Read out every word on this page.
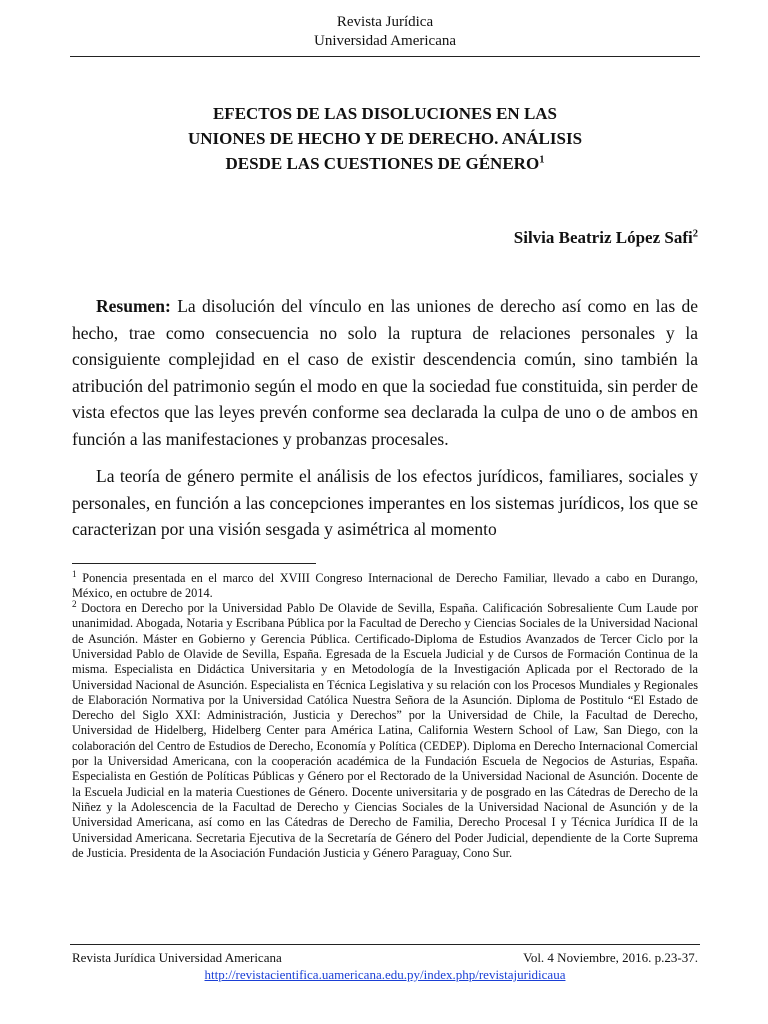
Revista Jurídica
Universidad Americana
EFECTOS DE LAS DISOLUCIONES EN LAS
UNIONES DE HECHO Y DE DERECHO. ANÁLISIS
DESDE LAS CUESTIONES DE GÉNERO$^1$
Silvia Beatriz López Safi$^2$

Resumen: La disolución del vínculo en las uniones de derecho así como en las de hecho, trae como consecuencia no solo la ruptura de relaciones personales y la consiguiente complejidad en el caso de existir descendencia común, sino también la atribución del patrimonio según el modo en que la sociedad fue constituida, sin perder de vista efectos que las leyes prevén conforme sea declarada la culpa de uno o de ambos en función a las manifestaciones y probanzas procesales.

La teoría de género permite el análisis de los efectos jurídicos, familiares, sociales y personales, en función a las concepciones imperantes en los sistemas jurídicos, los que se caracterizan por una visión sesgada y asimétrica al momento

$^1$ Ponencia presentada en el marco del XVIII Congreso Internacional de Derecho Familiar, llevado a cabo en Durango, México, en octubre de 2014.

$^2$ Doctora en Derecho por la Universidad Pablo De Olavide de Sevilla, España. Calificación Sobresaliente Cum Laude por unanimidad. Abogada, Notaria y Escribana Pública por la Facultad de Derecho y Ciencias Sociales de la Universidad Nacional de Asunción. Máster en Gobierno y Gerencia Pública. Certificado-Diploma de Estudios Avanzados de Tercer Ciclo por la Universidad Pablo de Olavide de Sevilla, España. Egresada de la Escuela Judicial y de Cursos de Formación Continua de la misma. Especialista en Didáctica Universitaria y en Metodología de la Investigación Aplicada por el Rectorado de la Universidad Nacional de Asunción. Especialista en Técnica Legislativa y su relación con los Procesos Mundiales y Regionales de Elaboración Normativa por la Universidad Católica Nuestra Señora de la Asunción. Diploma de Postitulo “El Estado de Derecho del Siglo XXI: Administración, Justicia y Derechos” por la Universidad de Chile, la Facultad de Derecho, Universidad de Hidelberg, Hidelberg Center para América Latina, California Western School of Law, San Diego, con la colaboración del Centro de Estudios de Derecho, Economía y Política (CEDEP). Diploma en Derecho Internacional Comercial por la Universidad Americana, con la cooperación académica de la Fundación Escuela de Negocios de Asturias, España. Especialista en Gestión de Políticas Públicas y Género por el Rectorado de la Universidad Nacional de Asunción. Docente de la Escuela Judicial en la materia Cuestiones de Género. Docente universitaria y de posgrado en las Cátedras de Derecho de la Niñez y la Adolescencia de la Facultad de Derecho y Ciencias Sociales de la Universidad Nacional de Asunción y de la Universidad Americana, así como en las Cátedras de Derecho de Familia, Derecho Procesal I y Técnica Jurídica II de la Universidad Americana. Secretaria Ejecutiva de la Secretaría de Género del Poder Judicial, dependiente de la Corte Suprema de Justicia. Presidenta de la Asociación Fundación Justicia y Género Paraguay, Cono Sur.

Revista Jurídica Universidad Americana	Vol. 4 Noviembre, 2016. p.23-37.
http://revistacientifica.uamericana.edu.py/index.php/revistajuridicaua
